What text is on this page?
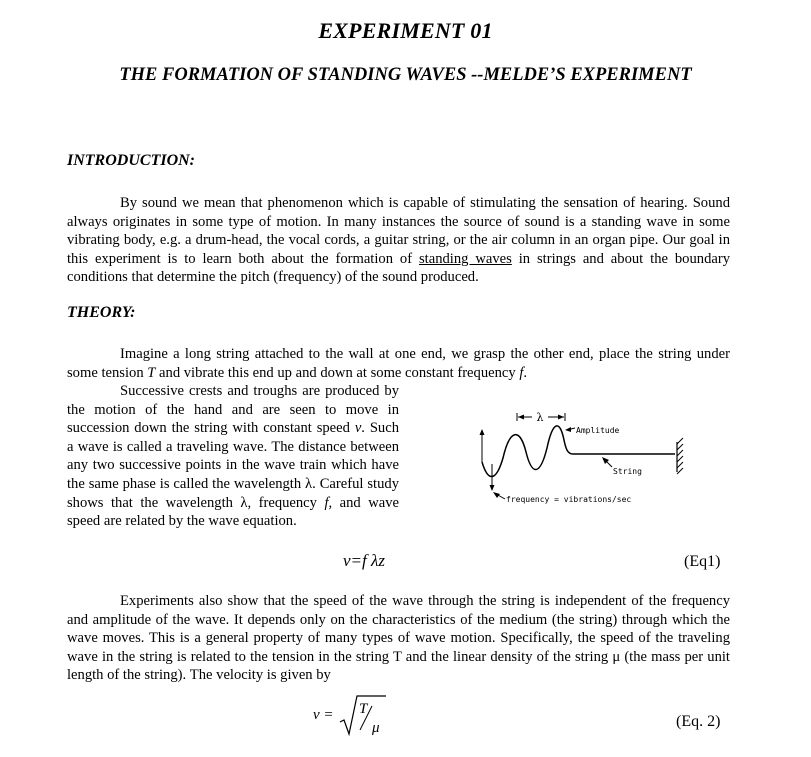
EXPERIMENT 01
THE FORMATION OF STANDING WAVES --MELDE’S EXPERIMENT
INTRODUCTION:

By sound we mean that phenomenon which is capable of stimulating the sensation of hearing. Sound always originates in some type of motion. In many instances the source of sound is a standing wave in some vibrating body, e.g. a drum-head, the vocal cords, a guitar string, or the air column in an organ pipe. Our goal in this experiment is to learn both about the formation of standing waves in strings and about the boundary conditions that determine the pitch (frequency) of the sound produced.

THEORY:

Imagine a long string attached to the wall at one end, we grasp the other end, place the string under some tension T and vibrate this end up and down at some constant frequency f.

Successive crests and troughs are produced by the motion of the hand and are seen to move in succession down the string with constant speed v. Such a wave is called a traveling wave. The distance between any two successive points in the wave train which have the same phase is called the wavelength λ. Careful study shows that the wavelength λ, frequency f, and wave speed are related by the wave equation.

λ
Amplitude
String
frequency = vibrations/sec
v=f λz	(Eq1)

Experiments also show that the speed of the wave through the string is independent of the frequency and amplitude of the wave. It depends only on the characteristics of the medium (the string) through which the wave moves. This is a general property of many types of wave motion. Specifically, the speed of the traveling wave in the string is related to the tension in the string T and the linear density of the string μ (the mass per unit length of the string). The velocity is given by

v = T
μ	(Eq. 2)
